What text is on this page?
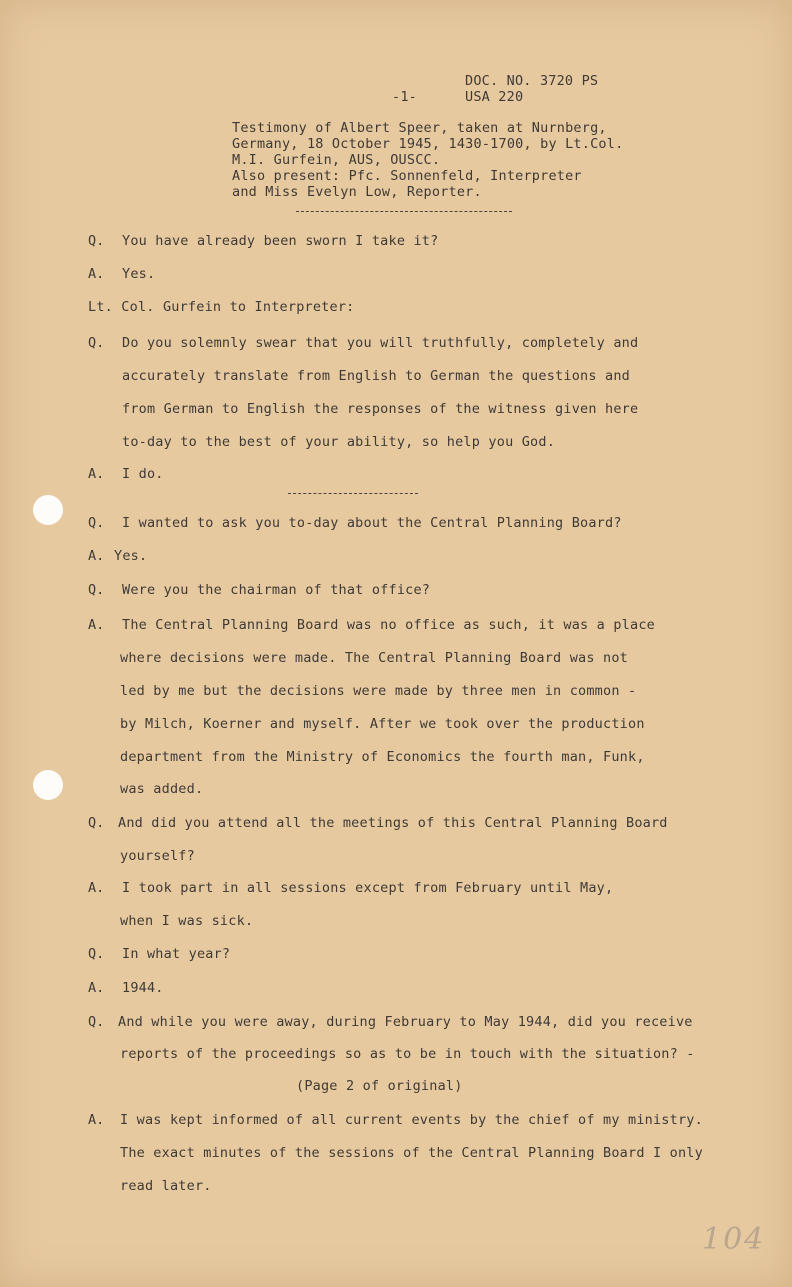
DOC. NO. 3720 PS
-1-	USA 220
Testimony of Albert Speer, taken at Nurnberg,
Germany, 18 October 1945, 1430-1700, by Lt.Col.
M.I. Gurfein, AUS, OUSCC.
Also present: Pfc. Sonnenfeld, Interpreter
and Miss Evelyn Low, Reporter.
Q. You have already been sworn I take it?
A. Yes.
Lt. Col. Gurfein to Interpreter:
Q. Do you solemnly swear that you will truthfully, completely and
accurately translate from English to German the questions and
from German to English the responses of the witness given here
to-day to the best of your ability, so help you God.
A. I do.
Q. I wanted to ask you to-day about the Central Planning Board?
A. Yes.
Q. Were you the chairman of that office?
A. The Central Planning Board was no office as such, it was a place
where decisions were made. The Central Planning Board was not
led by me but the decisions were made by three men in common -
by Milch, Koerner and myself. After we took over the production
department from the Ministry of Economics the fourth man, Funk,
was added.
Q. And did you attend all the meetings of this Central Planning Board
yourself?
A. I took part in all sessions except from February until May,
when I was sick.
Q. In what year?
A. 1944.
Q. And while you were away, during February to May 1944, did you receive
reports of the proceedings so as to be in touch with the situation? -
(Page 2 of original)
A. I was kept informed of all current events by the chief of my ministry.
The exact minutes of the sessions of the Central Planning Board I only
read later.
104
